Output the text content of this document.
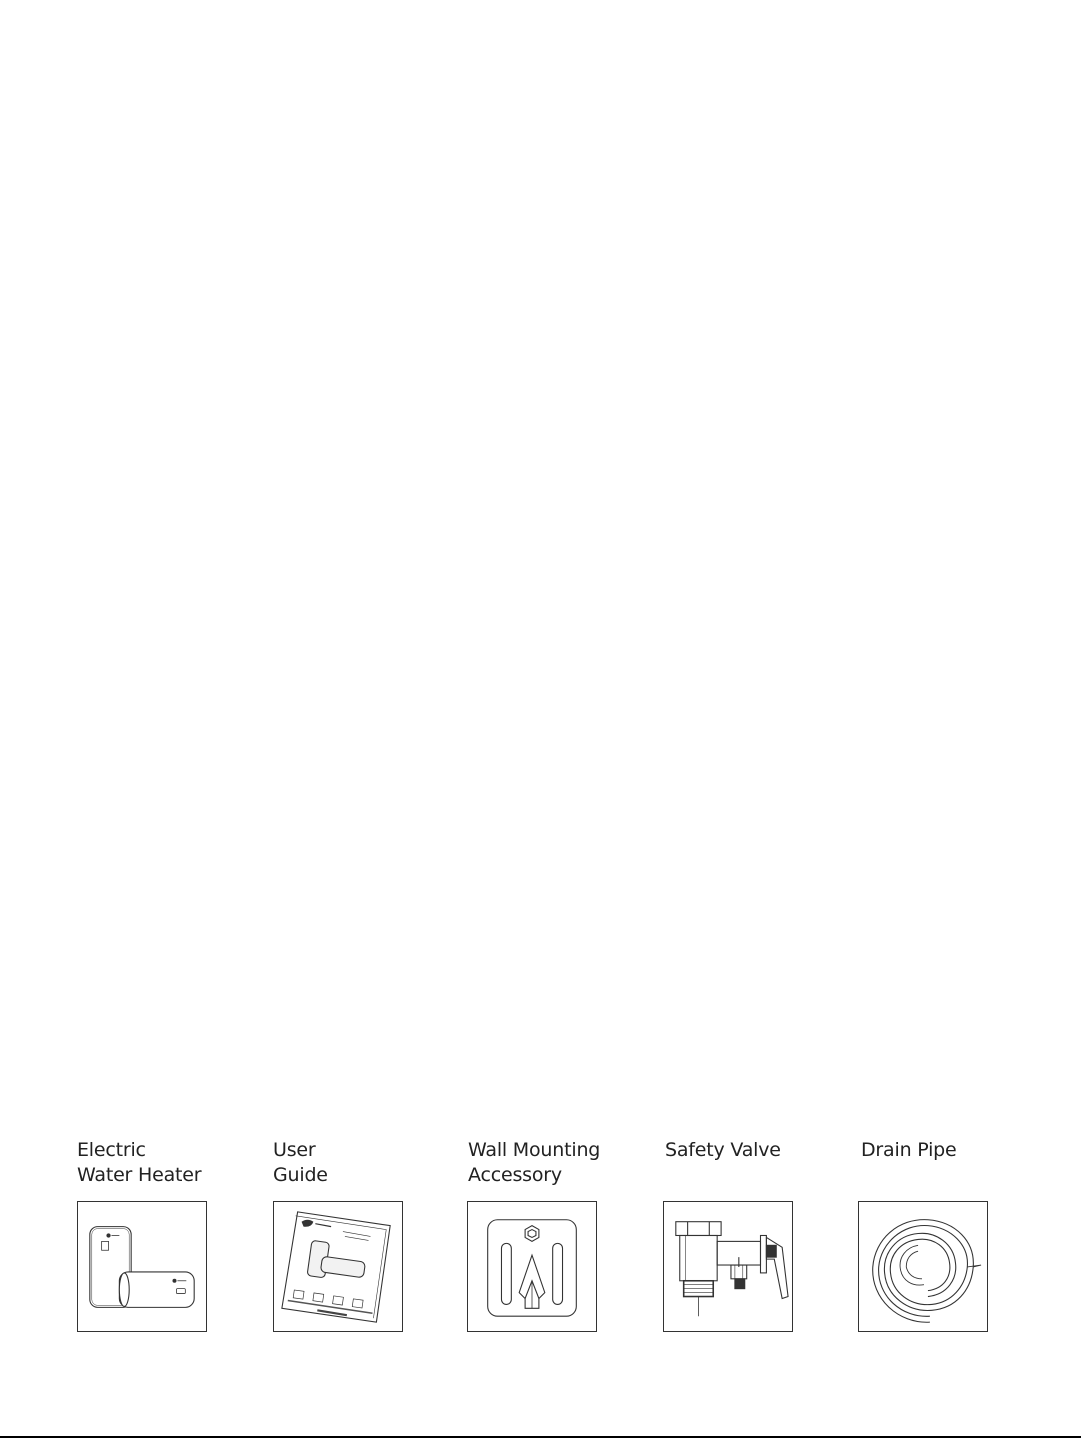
Electric
Water Heater
User
Guide
Wall Mounting
Accessory
Safety Valve	Drain Pipe
